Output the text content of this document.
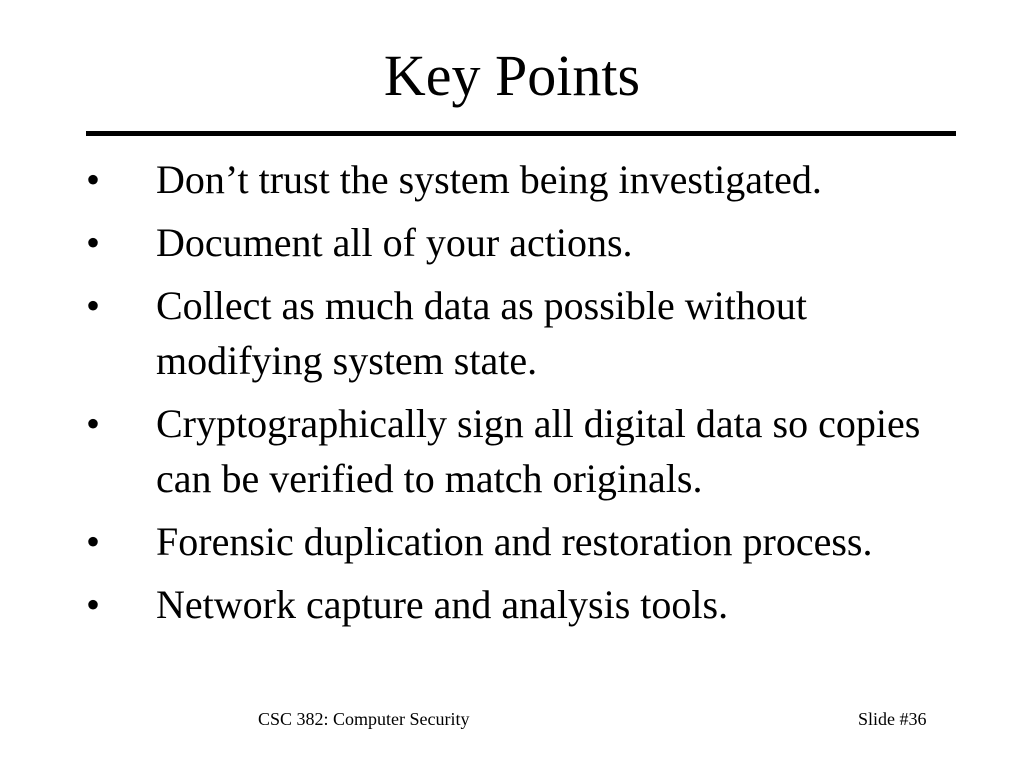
Key Points
• Don’t trust the system being investigated.
• Document all of your actions.
• Collect as much data as possible without modifying system state.
• Cryptographically sign all digital data so copies can be verified to match originals.
• Forensic duplication and restoration process.
• Network capture and analysis tools.
CSC 382: Computer Security	Slide #36
